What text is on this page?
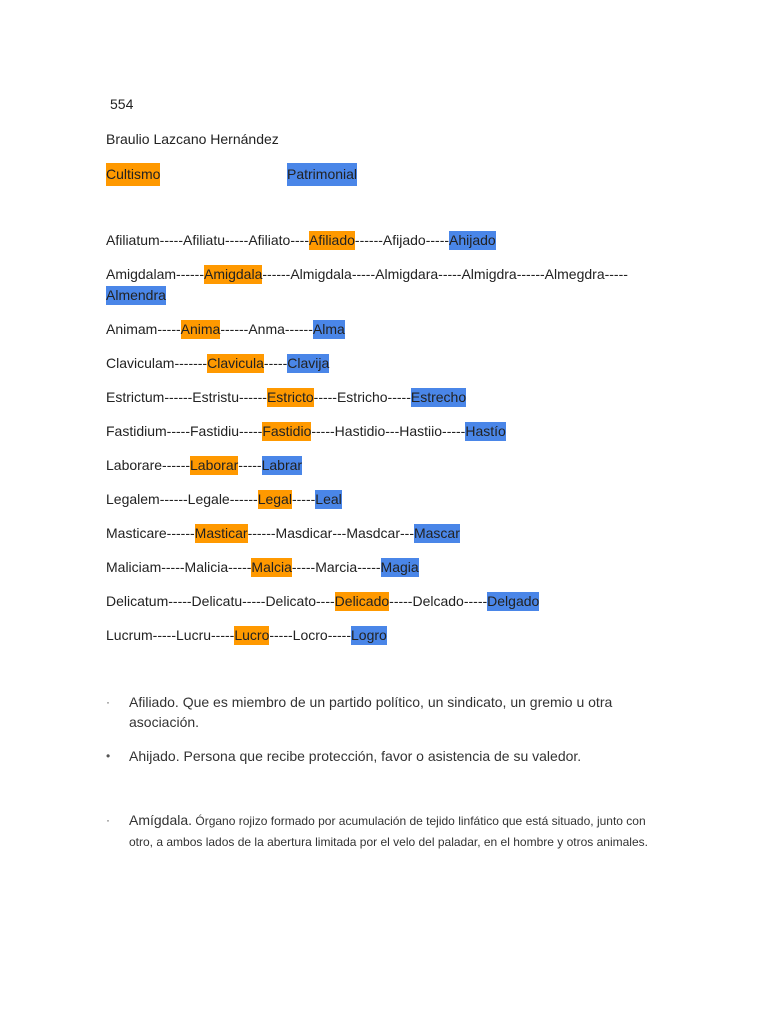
554
Braulio Lazcano Hernández
Cultismo	Patrimonial
Afiliatum-----Afiliatu-----Afiliato----Afiliado------Afijado-----Ahijado
Amigdalam------Amigdala------Almigdala-----Almigdara-----Almigdra------Almegdra-----Almendra
Animam-----Anima------Anma------Alma
Claviculam-------Clavicula-----Clavija
Estrictum------Estristu------Estricto-----Estricho-----Estrecho
Fastidium-----Fastidiu-----Fastidio-----Hastidio---Hastiio-----Hastío
Laborare------Laborar-----Labrar
Legalem------Legale------Legal-----Leal
Masticare------Masticar------Masdicar---Masdcar---Mascar
Maliciam-----Malicia-----Malcia-----Marcia-----Magia
Delicatum-----Delicatu-----Delicato----Delicado-----Delcado-----Delgado
Lucrum-----Lucru-----Lucro-----Locro-----Logro
· Afiliado. Que es miembro de un partido político, un sindicato, un gremio u otra asociación.
• Ahijado. Persona que recibe protección, favor o asistencia de su valedor.
· Amígdala. Órgano rojizo formado por acumulación de tejido linfático que está situado, junto con otro, a ambos lados de la abertura limitada por el velo del paladar, en el hombre y otros animales.
